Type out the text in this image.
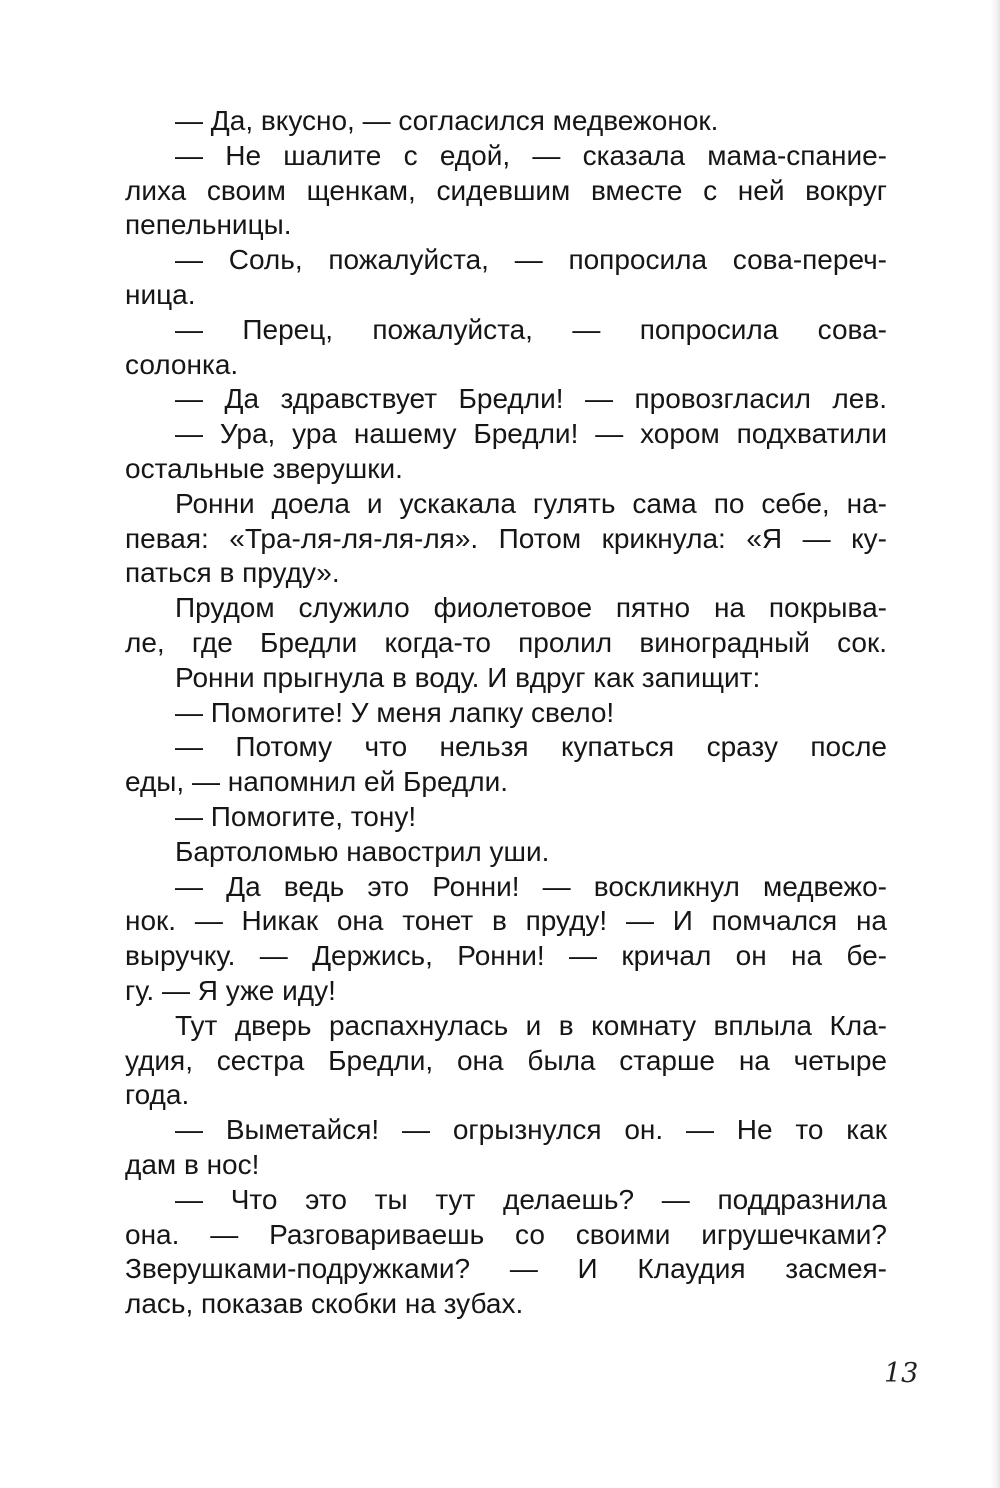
— Да, вкусно, — согласился медвежонок.
— Не шалите с едой, — сказала мама-спание-
лиха своим щенкам, сидевшим вместе с ней вокруг
пепельницы.
— Соль, пожалуйста, — попросила сова-переч-
ница.
— Перец, пожалуйста, — попросила сова-
солонка.
— Да здравствует Бредли! — провозгласил лев.
— Ура, ура нашему Бредли! — хором подхватили
остальные зверушки.
Ронни доела и ускакала гулять сама по себе, на-
певая: «Тра-ля-ля-ля-ля». Потом крикнула: «Я — ку-
паться в пруду».
Прудом служило фиолетовое пятно на покрыва-
ле, где Бредли когда-то пролил виноградный сок.
Ронни прыгнула в воду. И вдруг как запищит:
— Помогите! У меня лапку свело!
— Потому что нельзя купаться сразу после
еды, — напомнил ей Бредли.
— Помогите, тону!
Бартоломью навострил уши.
— Да ведь это Ронни! — воскликнул медвежо-
нок. — Никак она тонет в пруду! — И помчался на
выручку. — Держись, Ронни! — кричал он на бе-
гу. — Я уже иду!
Тут дверь распахнулась и в комнату вплыла Кла-
удия, сестра Бредли, она была старше на четыре
года.
— Выметайся! — огрызнулся он. — Не то как
дам в нос!
— Что это ты тут делаешь? — поддразнила
она. — Разговариваешь со своими игрушечками?
Зверушками-подружками? — И Клаудия засмея-
лась, показав скобки на зубах.
13
